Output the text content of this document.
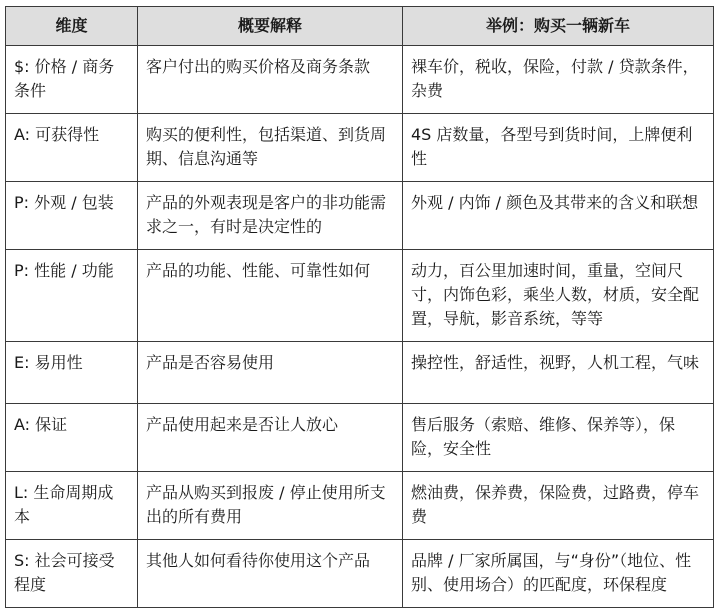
维度	概要解释	举例：购买一辆新车
$: 价格 / 商务条件	客户付出的购买价格及商务条款	裸车价，税收，保险，付款 / 贷款条件，杂费
A: 可获得性	购买的便利性，包括渠道、到货周期、信息沟通等	4S 店数量，各型号到货时间，上牌便利性
P: 外观 / 包装	产品的外观表现是客户的非功能需求之一，有时是决定性的	外观 / 内饰 / 颜色及其带来的含义和联想
P: 性能 / 功能	产品的功能、性能、可靠性如何	动力，百公里加速时间，重量，空间尺寸，内饰色彩，乘坐人数，材质，安全配置，导航，影音系统，等等
E: 易用性	产品是否容易使用	操控性，舒适性，视野，人机工程，气味
A: 保证	产品使用起来是否让人放心	售后服务（索赔、维修、保养等），保险，安全性
L: 生命周期成本	产品从购买到报废 / 停止使用所支出的所有费用	燃油费，保养费，保险费，过路费，停车费
S: 社会可接受程度	其他人如何看待你使用这个产品	品牌 / 厂家所属国，与“身份”（地位、性别、使用场合）的匹配度，环保程度
